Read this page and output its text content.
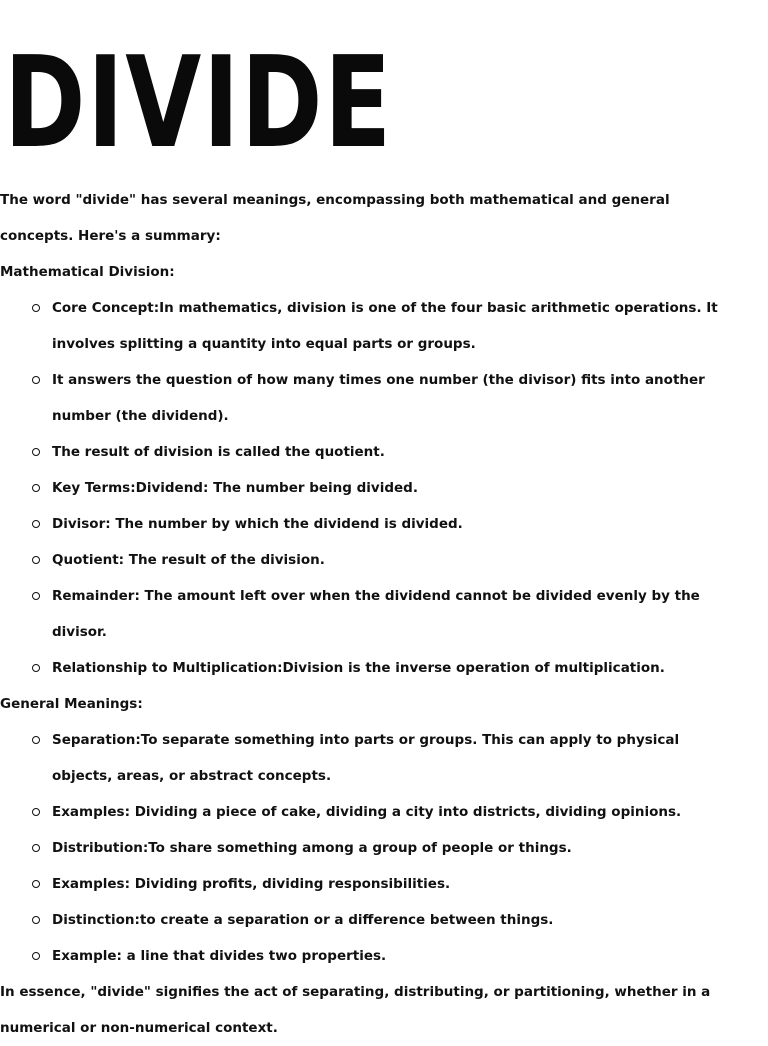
DIVIDE

The word "divide" has several meanings, encompassing both mathematical and general concepts. Here's a summary:

Mathematical Division:

Core Concept:In mathematics, division is one of the four basic arithmetic operations. It involves splitting a quantity into equal parts or groups.
It answers the question of how many times one number (the divisor) fits into another number (the dividend).
The result of division is called the quotient.
Key Terms:Dividend: The number being divided.
Divisor: The number by which the dividend is divided.
Quotient: The result of the division.
Remainder: The amount left over when the dividend cannot be divided evenly by the divisor.
Relationship to Multiplication:Division is the inverse operation of multiplication.

General Meanings:

Separation:To separate something into parts or groups. This can apply to physical objects, areas, or abstract concepts.
Examples: Dividing a piece of cake, dividing a city into districts, dividing opinions.
Distribution:To share something among a group of people or things.
Examples: Dividing profits, dividing responsibilities.
Distinction:to create a separation or a difference between things.
Example: a line that divides two properties.

In essence, "divide" signifies the act of separating, distributing, or partitioning, whether in a numerical or non-numerical context.
